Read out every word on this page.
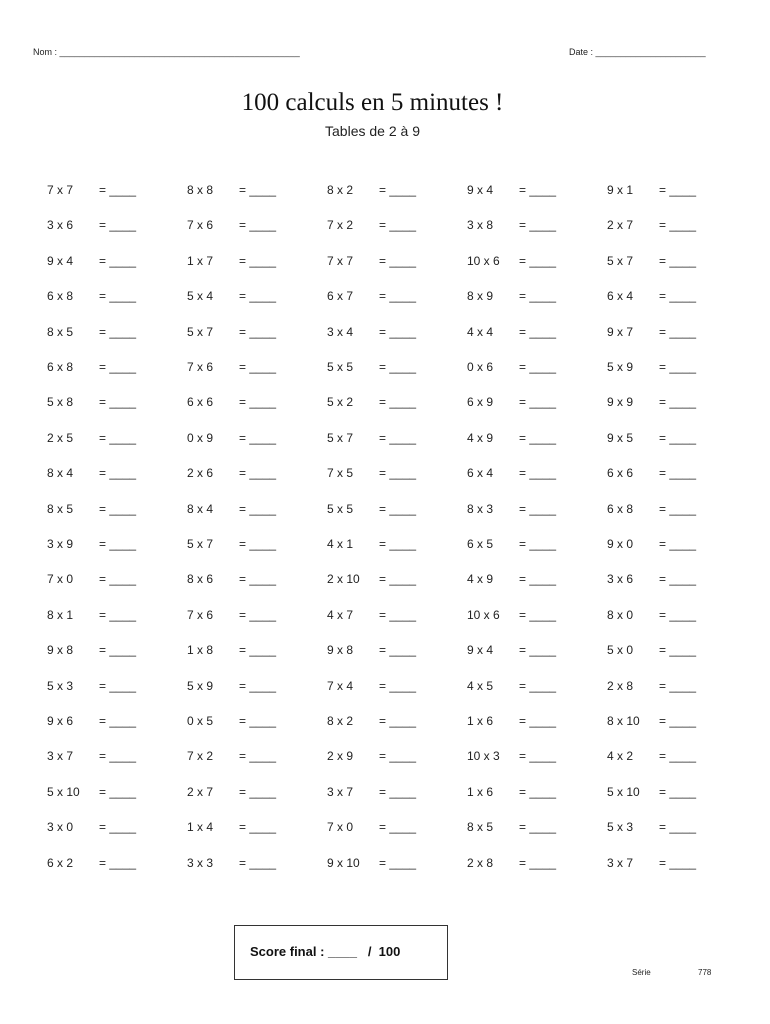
Nom : ________________________________________________	Date : ______________________
100 calculs en 5 minutes !
Tables de 2 à 9
7 x 7 = ____
3 x 6 = ____
9 x 4 = ____
6 x 8 = ____
8 x 5 = ____
6 x 8 = ____
5 x 8 = ____
2 x 5 = ____
8 x 4 = ____
8 x 5 = ____
3 x 9 = ____
7 x 0 = ____
8 x 1 = ____
9 x 8 = ____
5 x 3 = ____
9 x 6 = ____
3 x 7 = ____
5 x 10 = ____
3 x 0 = ____
6 x 2 = ____
8 x 8 = ____
7 x 6 = ____
1 x 7 = ____
5 x 4 = ____
5 x 7 = ____
7 x 6 = ____
6 x 6 = ____
0 x 9 = ____
2 x 6 = ____
8 x 4 = ____
5 x 7 = ____
8 x 6 = ____
7 x 6 = ____
1 x 8 = ____
5 x 9 = ____
0 x 5 = ____
7 x 2 = ____
2 x 7 = ____
1 x 4 = ____
3 x 3 = ____
8 x 2 = ____
7 x 2 = ____
7 x 7 = ____
6 x 7 = ____
3 x 4 = ____
5 x 5 = ____
5 x 2 = ____
5 x 7 = ____
7 x 5 = ____
5 x 5 = ____
4 x 1 = ____
2 x 10 = ____
4 x 7 = ____
9 x 8 = ____
7 x 4 = ____
8 x 2 = ____
2 x 9 = ____
3 x 7 = ____
7 x 0 = ____
9 x 10 = ____
9 x 4 = ____
3 x 8 = ____
10 x 6 = ____
8 x 9 = ____
4 x 4 = ____
0 x 6 = ____
6 x 9 = ____
4 x 9 = ____
6 x 4 = ____
8 x 3 = ____
6 x 5 = ____
4 x 9 = ____
10 x 6 = ____
9 x 4 = ____
4 x 5 = ____
1 x 6 = ____
10 x 3 = ____
1 x 6 = ____
8 x 5 = ____
2 x 8 = ____
9 x 1 = ____
2 x 7 = ____
5 x 7 = ____
6 x 4 = ____
9 x 7 = ____
5 x 9 = ____
9 x 9 = ____
9 x 5 = ____
6 x 6 = ____
6 x 8 = ____
9 x 0 = ____
3 x 6 = ____
8 x 0 = ____
5 x 0 = ____
2 x 8 = ____
8 x 10 = ____
4 x 2 = ____
5 x 10 = ____
5 x 3 = ____
3 x 7 = ____
Score final : ____ /  100
Série	778
